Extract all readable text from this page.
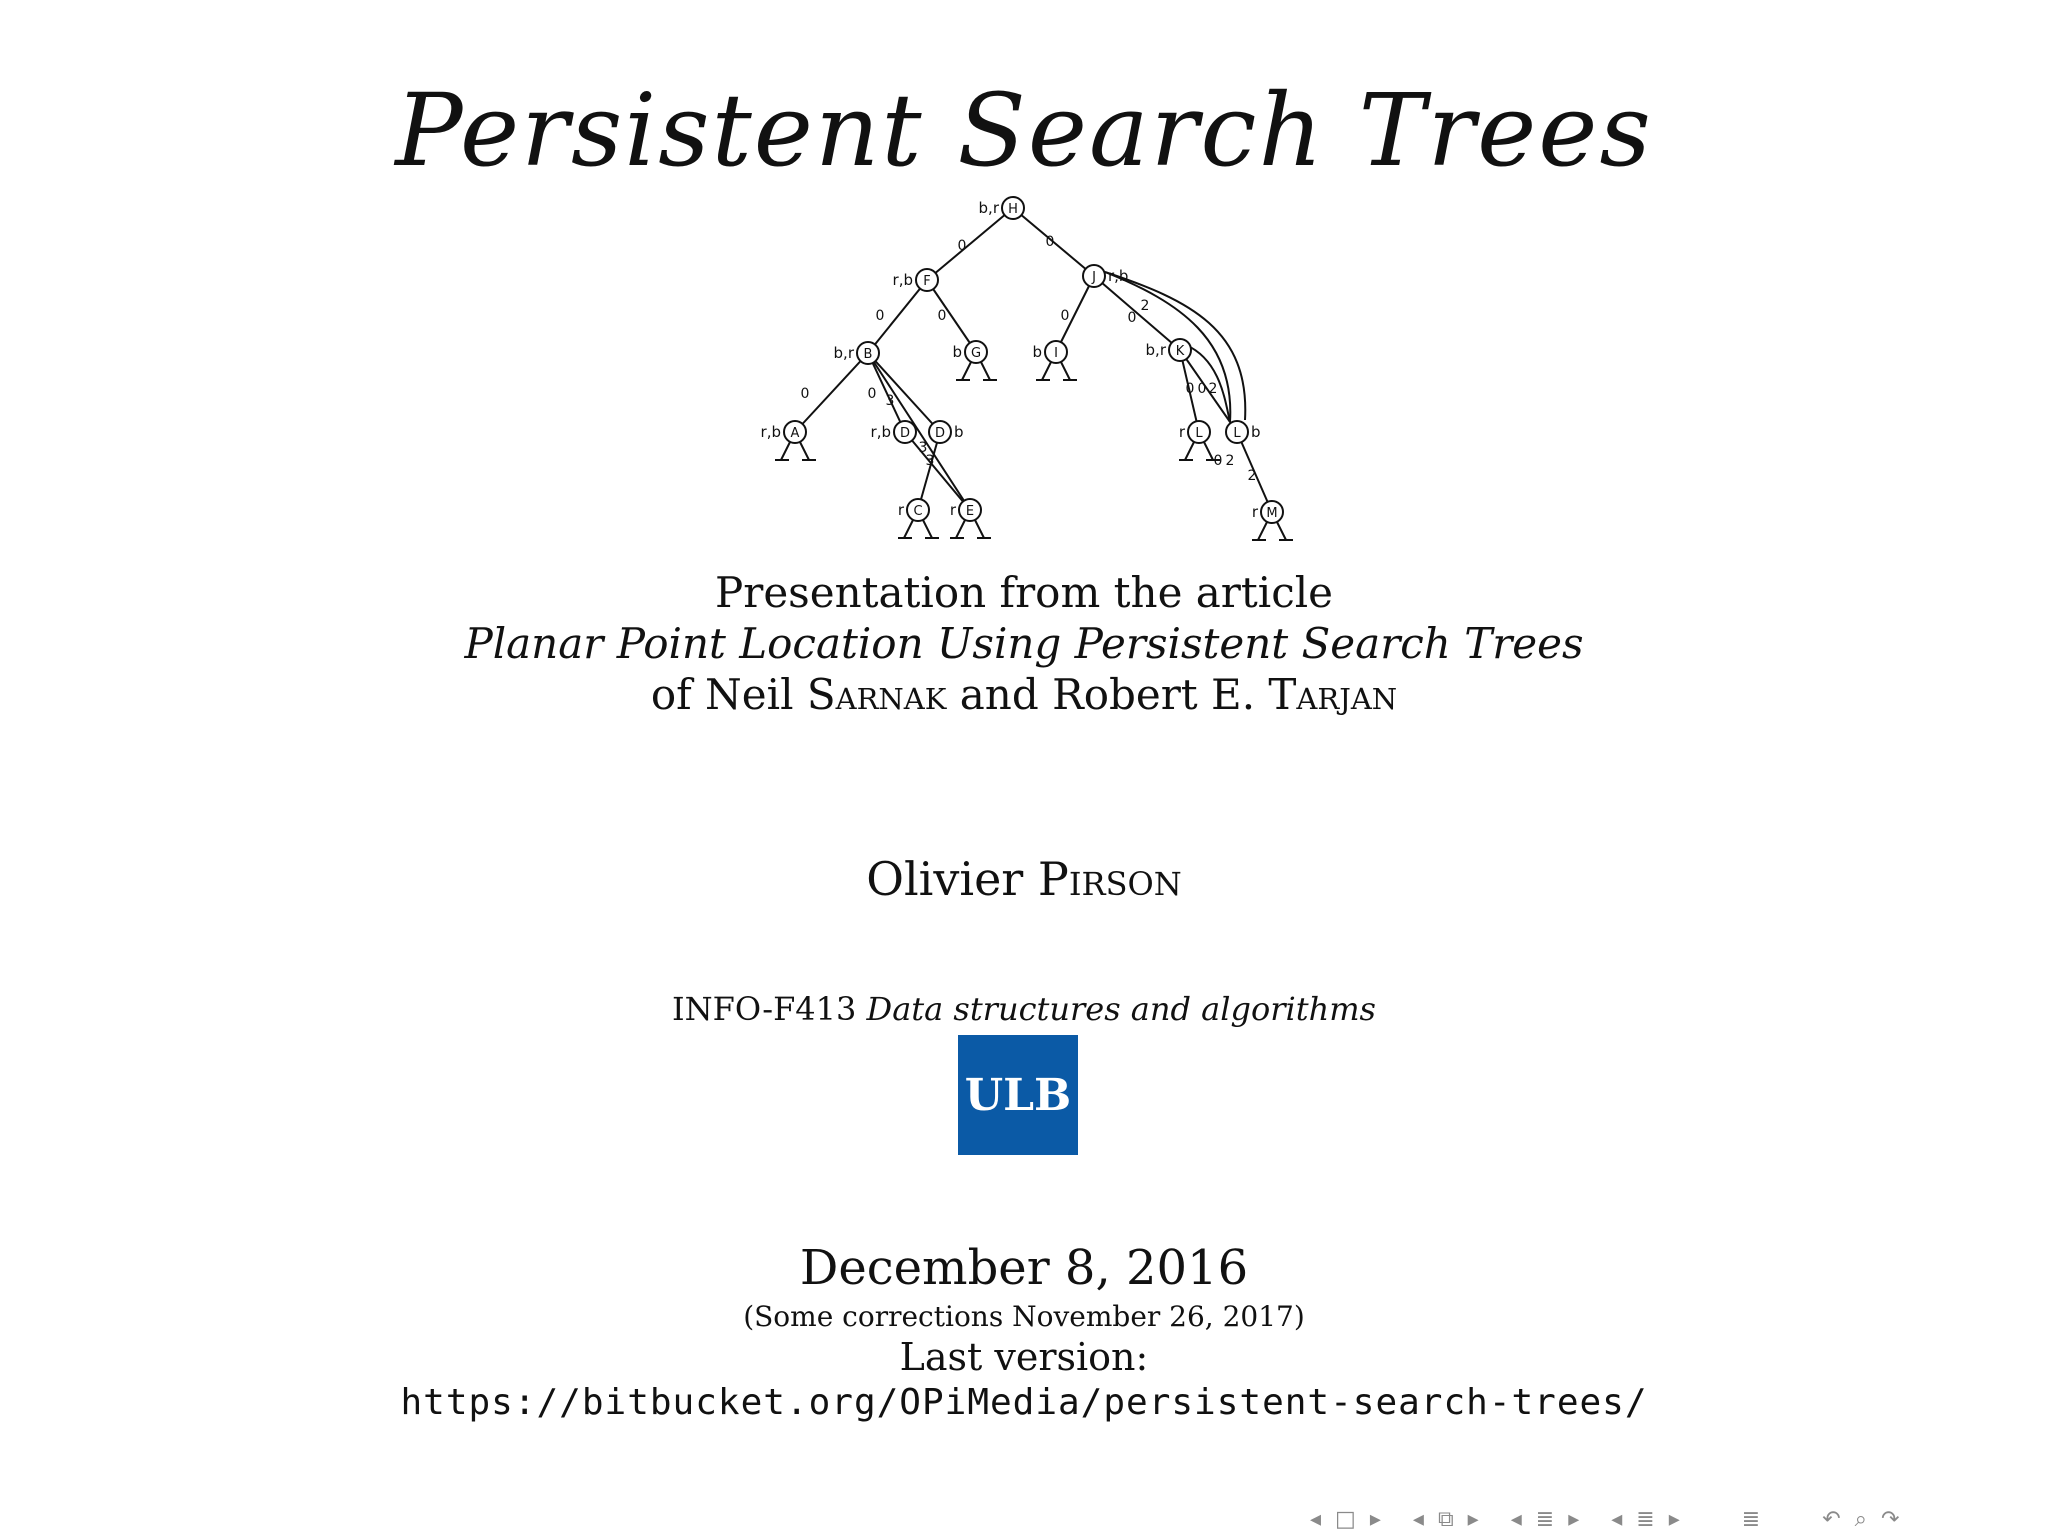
Persistent Search Trees
H
F	J
B	G	I	K
A	D D	L L
C	E	M
b,r
r,b
b,r	b	b	b,r
r,b	r,b	r
r	r	r
r,b
b	b
0	0
0	0	0	0
2
0	0 3
0 0 2
3
3	0 2
2
Presentation from the article
Planar Point Location Using Persistent Search Trees
of Neil Sarnak and Robert E. Tarjan
Olivier Pirson
INFO-F413 Data structures and algorithms
ULB
December 8, 2016
(Some corrections November 26, 2017)
Last version:
https://bitbucket.org/OPiMedia/persistent-search-trees/
◂ □ ▸ ◂ ⧉ ▸ ◂ ≣ ▸ ◂ ≣ ▸	≣	↶ ⌕ ↷
